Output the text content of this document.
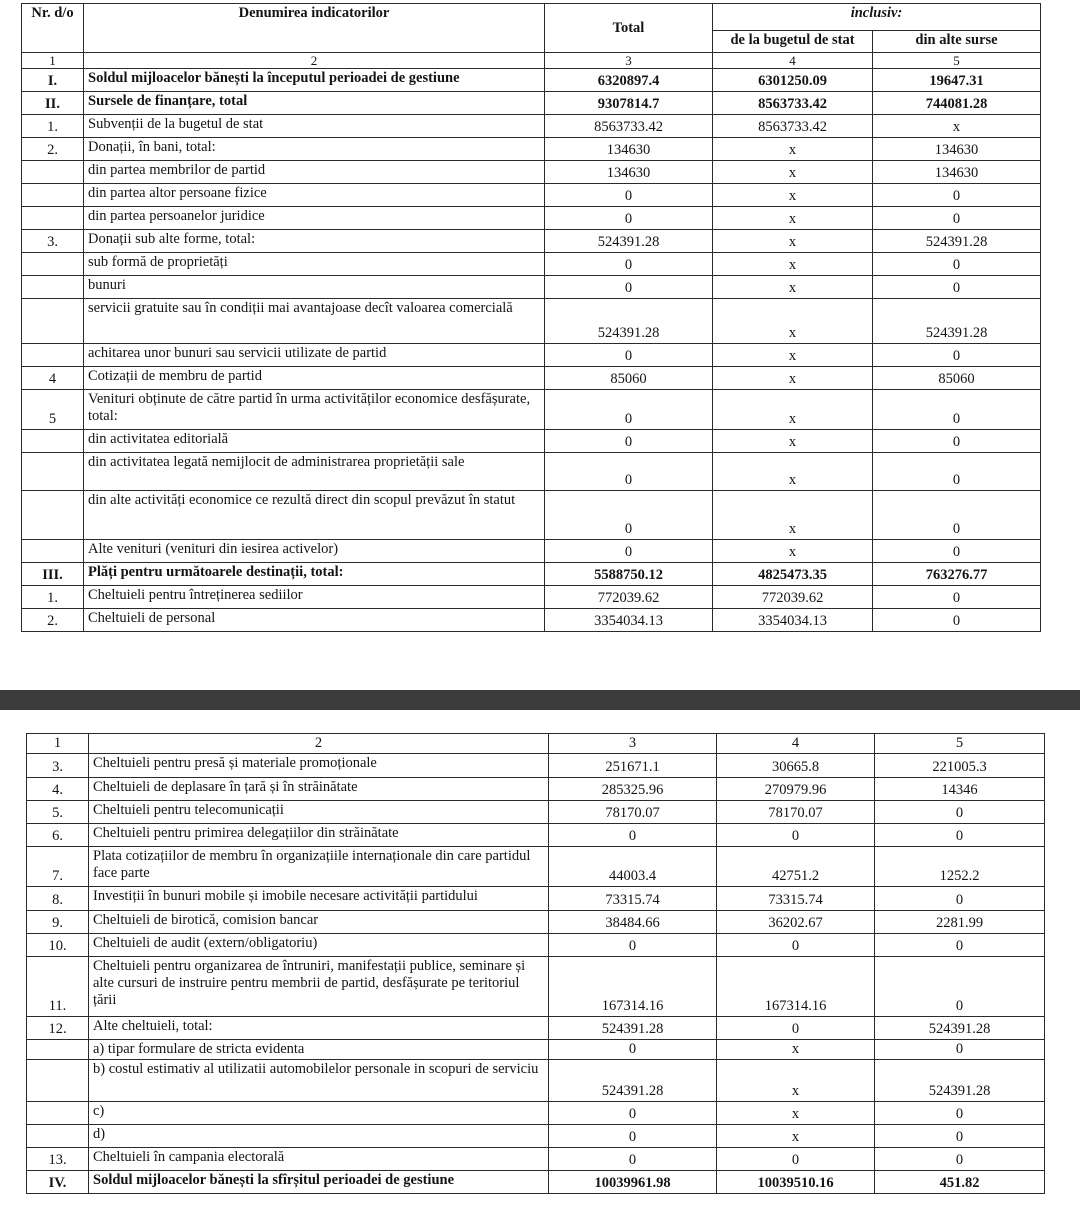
Nr. d/o	Denumirea indicatorilor	Total	inclusiv:	
			de la bugetul de stat	din alte surse
1	2	3	4	5
I.	Soldul mijloacelor bănești la începutul perioadei de gestiune	6320897.4	6301250.09	19647.31
II.	Sursele de finanțare, total	9307814.7	8563733.42	744081.28
1.	Subvenții de la bugetul de stat	8563733.42	8563733.42	x
2.	Donații, în bani, total:	134630	x	134630
	din partea membrilor de partid	134630	x	134630
	din partea altor persoane fizice	0	x	0
	din partea persoanelor juridice	0	x	0
3.	Donații sub alte forme, total:	524391.28	x	524391.28
	sub formă de proprietăți	0	x	0
	bunuri	0	x	0
	servicii gratuite sau în condiții mai avantajoase decît valoarea comercială	524391.28	x	524391.28
	achitarea unor bunuri sau servicii utilizate de partid	0	x	0
4	Cotizații de membru de partid	85060	x	85060
5	Venituri obținute de către partid în urma activităților economice desfășurate, total:	0	x	0
	din activitatea editorială	0	x	0
	din activitatea legată nemijlocit de administrarea proprietății sale	0	x	0
	din alte activități economice ce rezultă direct din scopul prevăzut în statut	0	x	0
	Alte venituri (venituri din iesirea activelor)	0	x	0
III.	Plăți pentru următoarele destinații, total:	5588750.12	4825473.35	763276.77
1.	Cheltuieli pentru întreținerea sediilor	772039.62	772039.62	0
2.	Cheltuieli de personal	3354034.13	3354034.13	0
1	2	3	4	5
3.	Cheltuieli pentru presă și materiale promoționale	251671.1	30665.8	221005.3
4.	Cheltuieli de deplasare în țară și în străinătate	285325.96	270979.96	14346
5.	Cheltuieli pentru telecomunicații	78170.07	78170.07	0
6.	Cheltuieli pentru primirea delegațiilor din străinătate	0	0	0
7.	Plata cotizațiilor de membru în organizațiile internaționale din care partidul face parte	44003.4	42751.2	1252.2
8.	Investiții în bunuri mobile și imobile necesare activității partidului	73315.74	73315.74	0
9.	Cheltuieli de birotică, comision bancar	38484.66	36202.67	2281.99
10.	Cheltuieli de audit (extern/obligatoriu)	0	0	0
11.	Cheltuieli pentru organizarea de întruniri, manifestații publice, seminare și alte cursuri de instruire pentru membrii de partid, desfășurate pe teritoriul țării	167314.16	167314.16	0
12.	Alte cheltuieli, total:	524391.28	0	524391.28
	a) tipar formulare de stricta evidenta	0	x	0
	b) costul estimativ al utilizatii automobilelor personale in scopuri de serviciu	524391.28	x	524391.28
	c)	0	x	0
	d)	0	x	0
13.	Cheltuieli în campania electorală	0	0	0
IV.	Soldul mijloacelor bănești la sfîrșitul perioadei de gestiune	10039961.98	10039510.16	451.82
